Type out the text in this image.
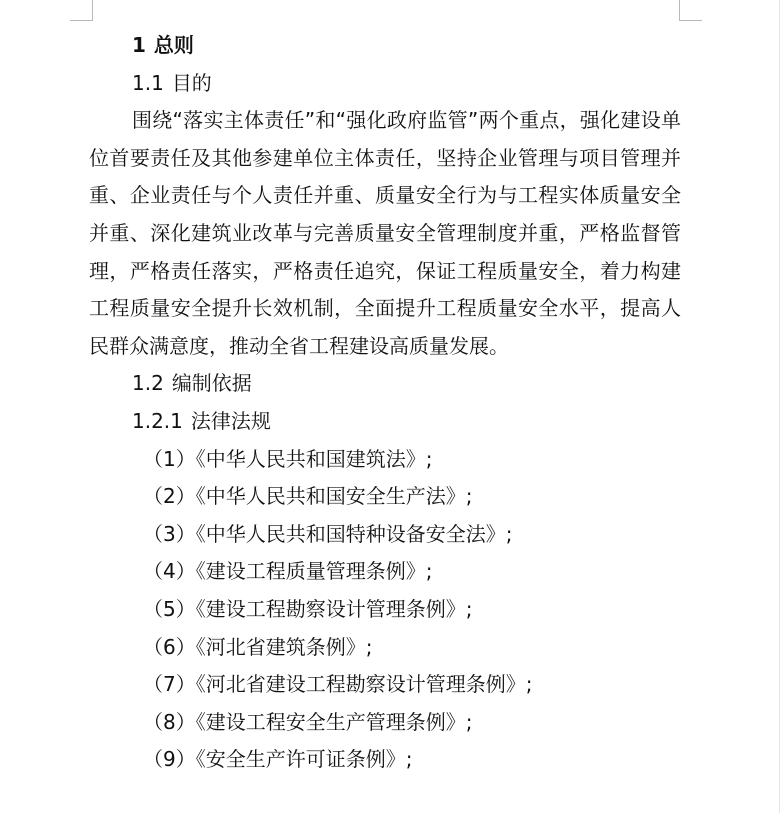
1 总则
1.1 目的

围绕“落实主体责任”和“强化政府监管”两个重点，强化建设单位首要责任及其他参建单位主体责任，坚持企业管理与项目管理并重、企业责任与个人责任并重、质量安全行为与工程实体质量安全并重、深化建筑业改革与完善质量安全管理制度并重，严格监督管理，严格责任落实，严格责任追究，保证工程质量安全，着力构建工程质量安全提升长效机制，全面提升工程质量安全水平，提高人民群众满意度，推动全省工程建设高质量发展。

1.2 编制依据
1.2.1 法律法规
（1）《中华人民共和国建筑法》;
（2）《中华人民共和国安全生产法》;
（3）《中华人民共和国特种设备安全法》;
（4）《建设工程质量管理条例》;
（5）《建设工程勘察设计管理条例》;
（6）《河北省建筑条例》;
（7）《河北省建设工程勘察设计管理条例》;
（8）《建设工程安全生产管理条例》;
（9）《安全生产许可证条例》;
